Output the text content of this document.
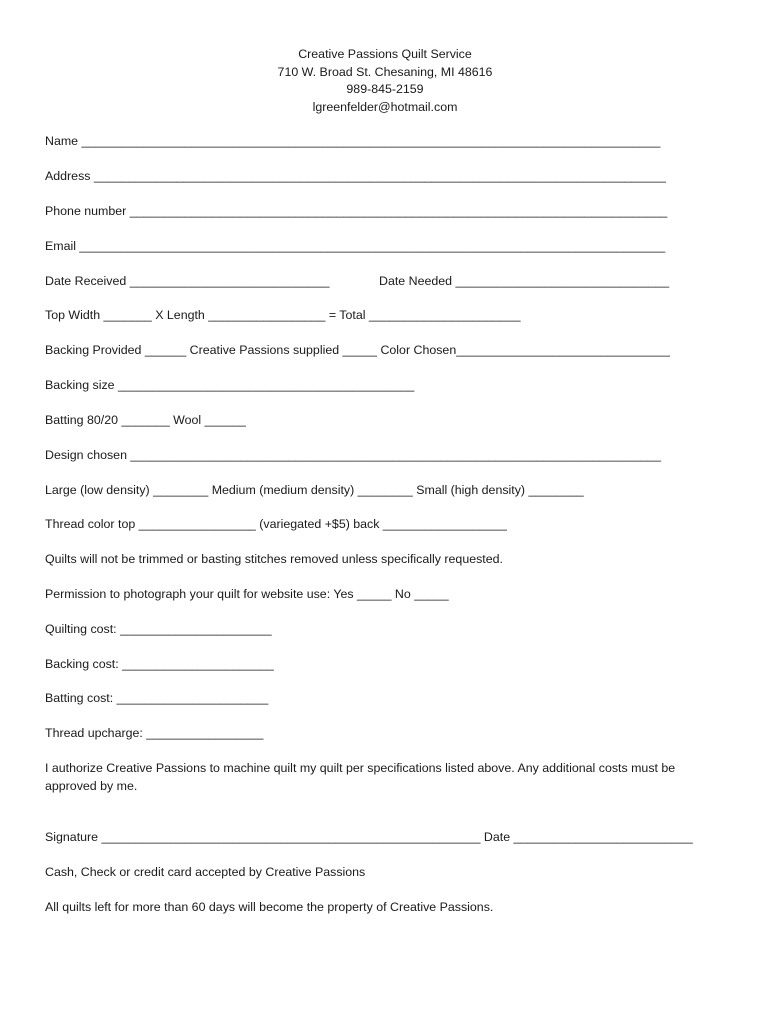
Creative Passions Quilt Service
710 W. Broad St. Chesaning, MI 48616
989-845-2159
lgreenfelder@hotmail.com
Name ____________________________________________________________________________________
Address ___________________________________________________________________________________
Phone number ______________________________________________________________________________
Email _____________________________________________________________________________________
Date Received _____________________________	Date Needed _______________________________
Top Width _______ X Length _________________ = Total ______________________
Backing Provided ______ Creative Passions supplied _____ Color Chosen_______________________________
Backing size ___________________________________________
Batting 80/20 _______ Wool ______
Design chosen _____________________________________________________________________________
Large (low density) ________ Medium (medium density) ________ Small (high density) ________
Thread color top _________________ (variegated +$5) back __________________
Quilts will not be trimmed or basting stitches removed unless specifically requested.
Permission to photograph your quilt for website use: Yes _____ No _____
Quilting cost: ______________________
Backing cost: ______________________
Batting cost: ______________________
Thread upcharge: _________________
I authorize Creative Passions to machine quilt my quilt per specifications listed above. Any additional costs must be approved by me.
Signature _______________________________________________________ Date __________________________
Cash, Check or credit card accepted by Creative Passions
All quilts left for more than 60 days will become the property of Creative Passions.
